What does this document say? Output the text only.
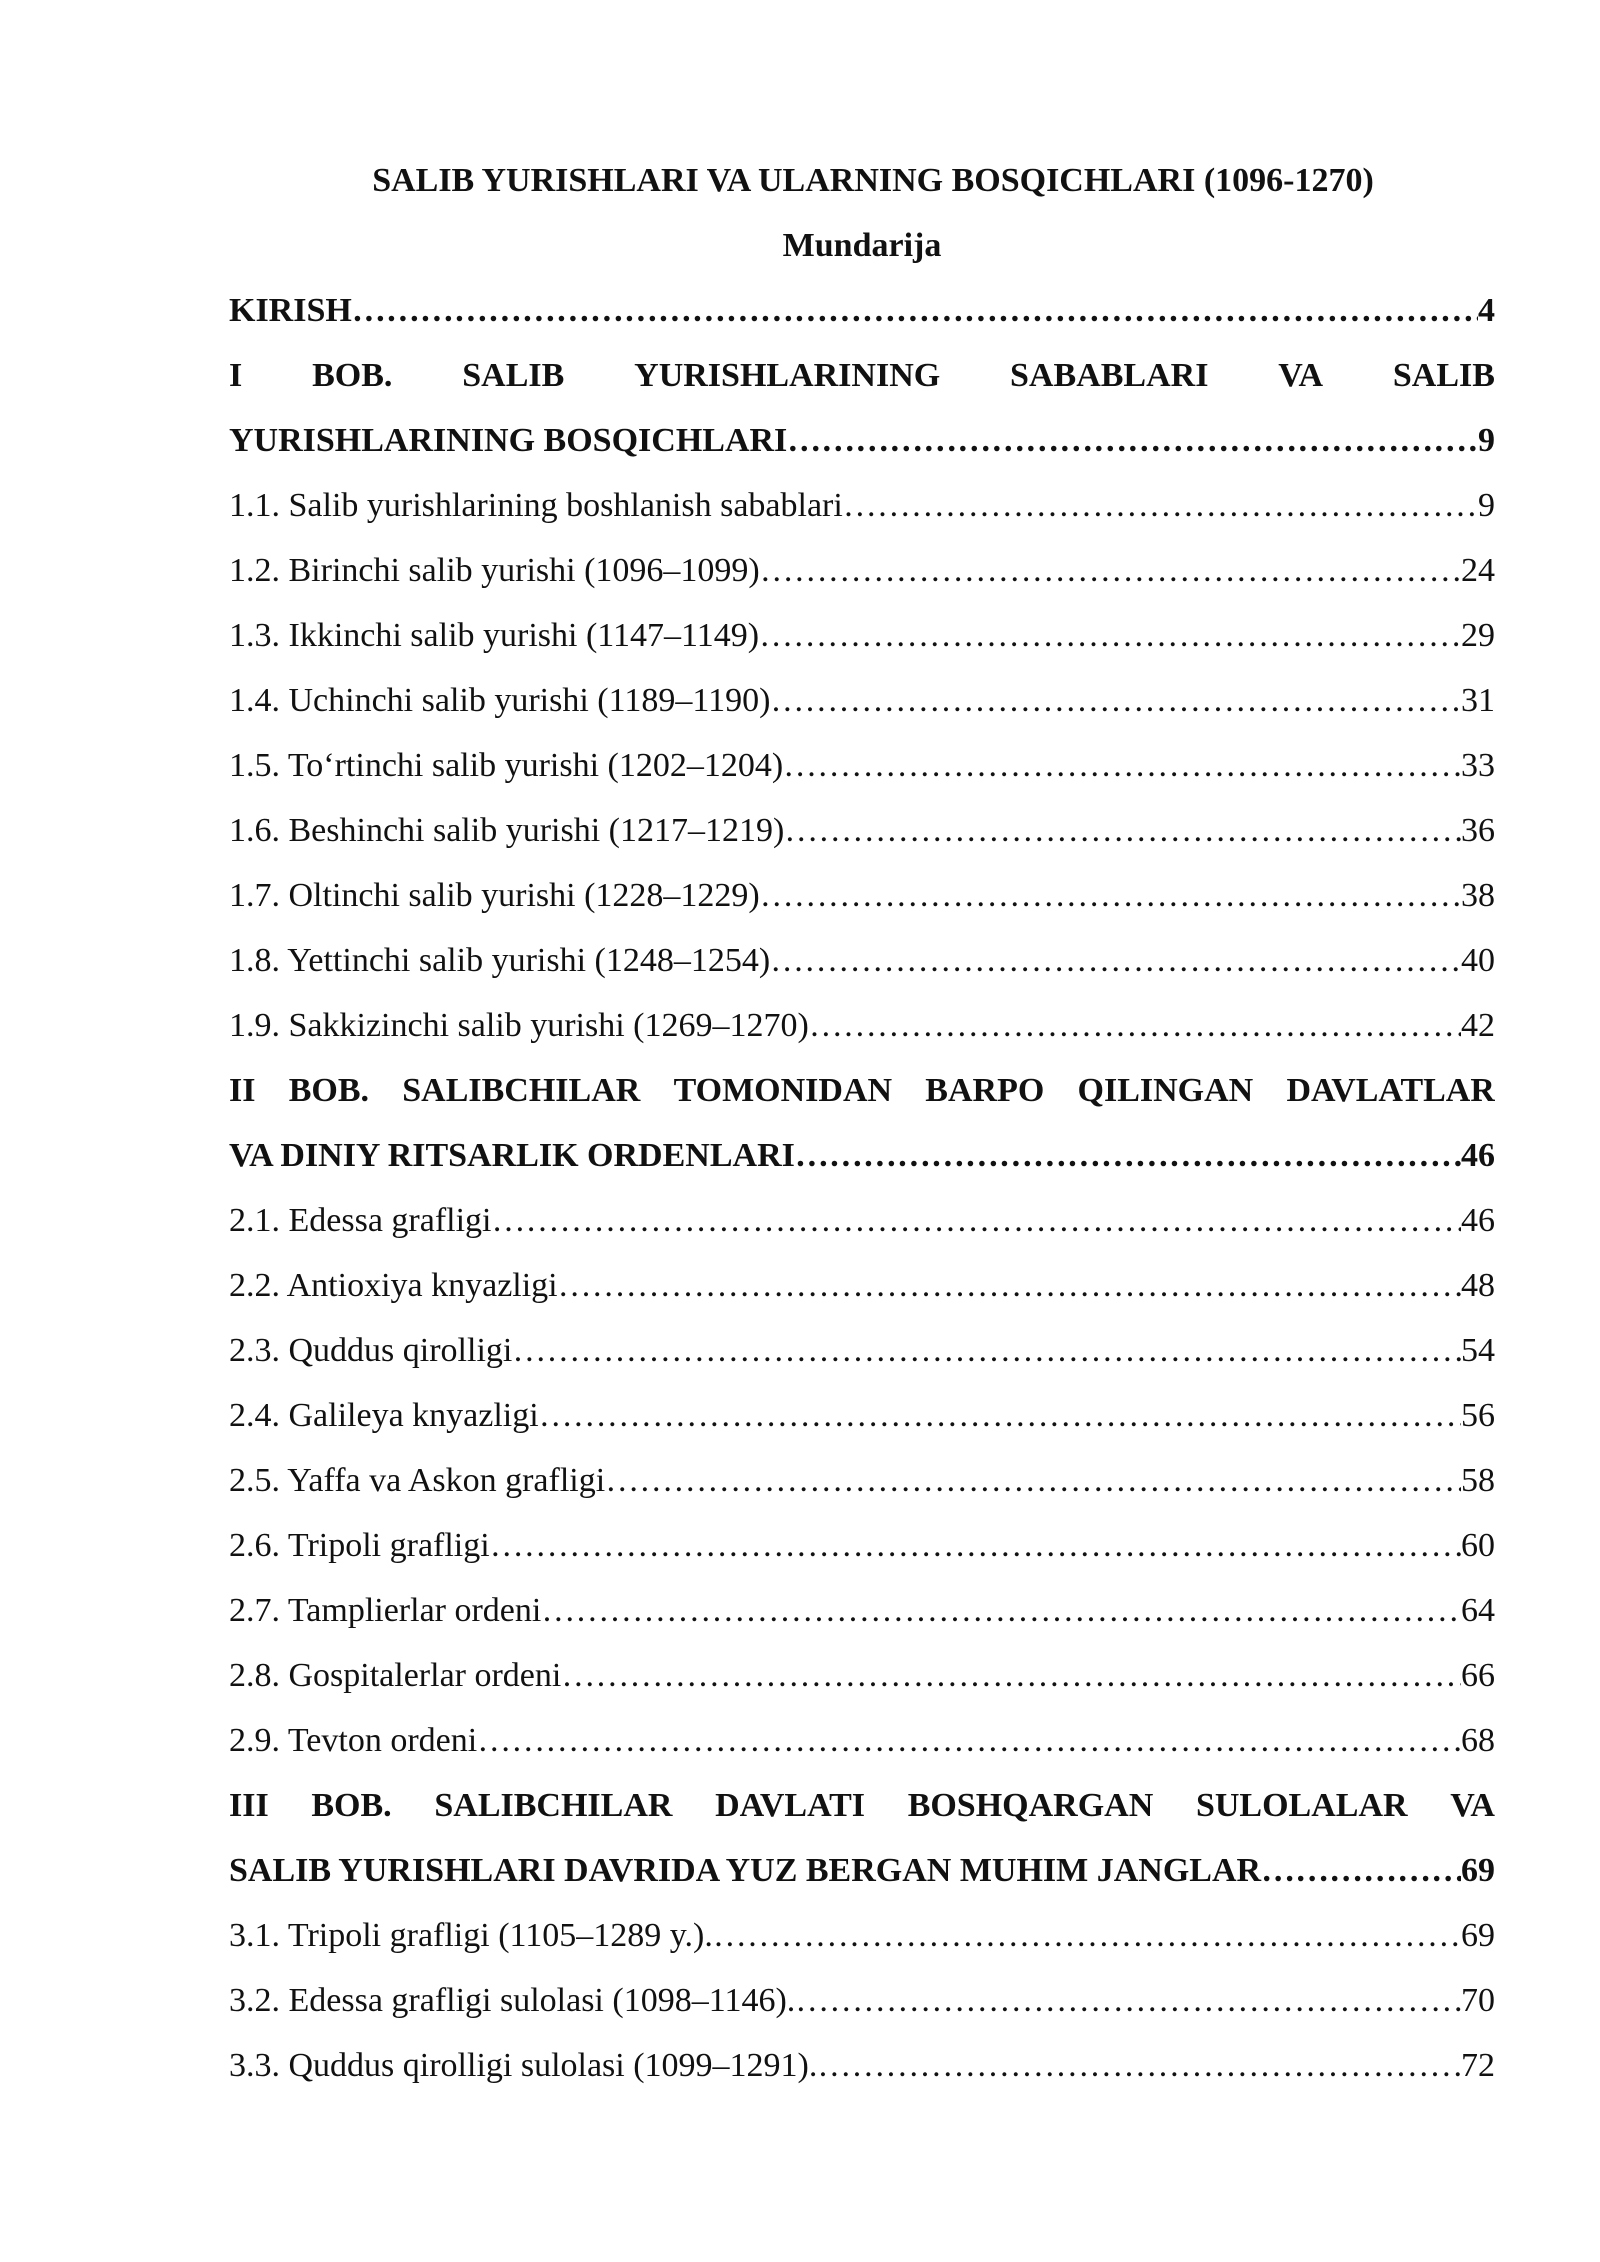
SALIB YURISHLARI VA ULARNING BOSQICHLARI (1096-1270)
Mundarija
KIRISH ………………………………………………………………………………………………………………………………………………………………………………	4
I BOB. SALIB YURISHLARINING SABABLARI VA SALIB
YURISHLARINING BOSQICHLARI ………………………………………………………………………………………………………………………………………………………………………………	9
1.1. Salib yurishlarining boshlanish sabablari ………………………………………………………………………………………………………………………………………………………………………………	9
1.2. Birinchi salib yurishi (1096–1099) ………………………………………………………………………………………………………………………………………………………………………………	24
1.3. Ikkinchi salib yurishi (1147–1149) ………………………………………………………………………………………………………………………………………………………………………………	29
1.4. Uchinchi salib yurishi (1189–1190) ………………………………………………………………………………………………………………………………………………………………………………	31
1.5. To‘rtinchi salib yurishi (1202–1204) ………………………………………………………………………………………………………………………………………………………………………………	33
1.6. Beshinchi salib yurishi (1217–1219) ………………………………………………………………………………………………………………………………………………………………………………	36
1.7. Oltinchi salib yurishi (1228–1229) ………………………………………………………………………………………………………………………………………………………………………………	38
1.8. Yettinchi salib yurishi (1248–1254) ………………………………………………………………………………………………………………………………………………………………………………	40
1.9. Sakkizinchi salib yurishi (1269–1270) ………………………………………………………………………………………………………………………………………………………………………………	42
II BOB. SALIBCHILAR TOMONIDAN BARPO QILINGAN DAVLATLAR
VA DINIY RITSARLIK ORDENLARI ………………………………………………………………………………………………………………………………………………………………………………	46
2.1. Edessa grafligi ………………………………………………………………………………………………………………………………………………………………………………	46
2.2. Antioxiya knyazligi ………………………………………………………………………………………………………………………………………………………………………………	48
2.3. Quddus qirolligi ………………………………………………………………………………………………………………………………………………………………………………	54
2.4. Galileya knyazligi ………………………………………………………………………………………………………………………………………………………………………………	56
2.5. Yaffa va Askon grafligi ………………………………………………………………………………………………………………………………………………………………………………	58
2.6. Tripoli grafligi ………………………………………………………………………………………………………………………………………………………………………………	60
2.7. Tamplierlar ordeni ………………………………………………………………………………………………………………………………………………………………………………	64
2.8. Gospitalerlar ordeni ………………………………………………………………………………………………………………………………………………………………………………	66
2.9. Tevton ordeni ………………………………………………………………………………………………………………………………………………………………………………	68
III BOB. SALIBCHILAR DAVLATI BOSHQARGAN SULOLALAR VA
SALIB YURISHLARI DAVRIDA YUZ BERGAN MUHIM JANGLAR ………………………………………………………………………………………………………………………………………………………………………………	69
3.1. Tripoli grafligi (1105–1289 y.). ………………………………………………………………………………………………………………………………………………………………………………	69
3.2. Edessa grafligi sulolasi (1098–1146). ………………………………………………………………………………………………………………………………………………………………………………	70
3.3. Quddus qirolligi sulolasi (1099–1291). ………………………………………………………………………………………………………………………………………………………………………………	72
